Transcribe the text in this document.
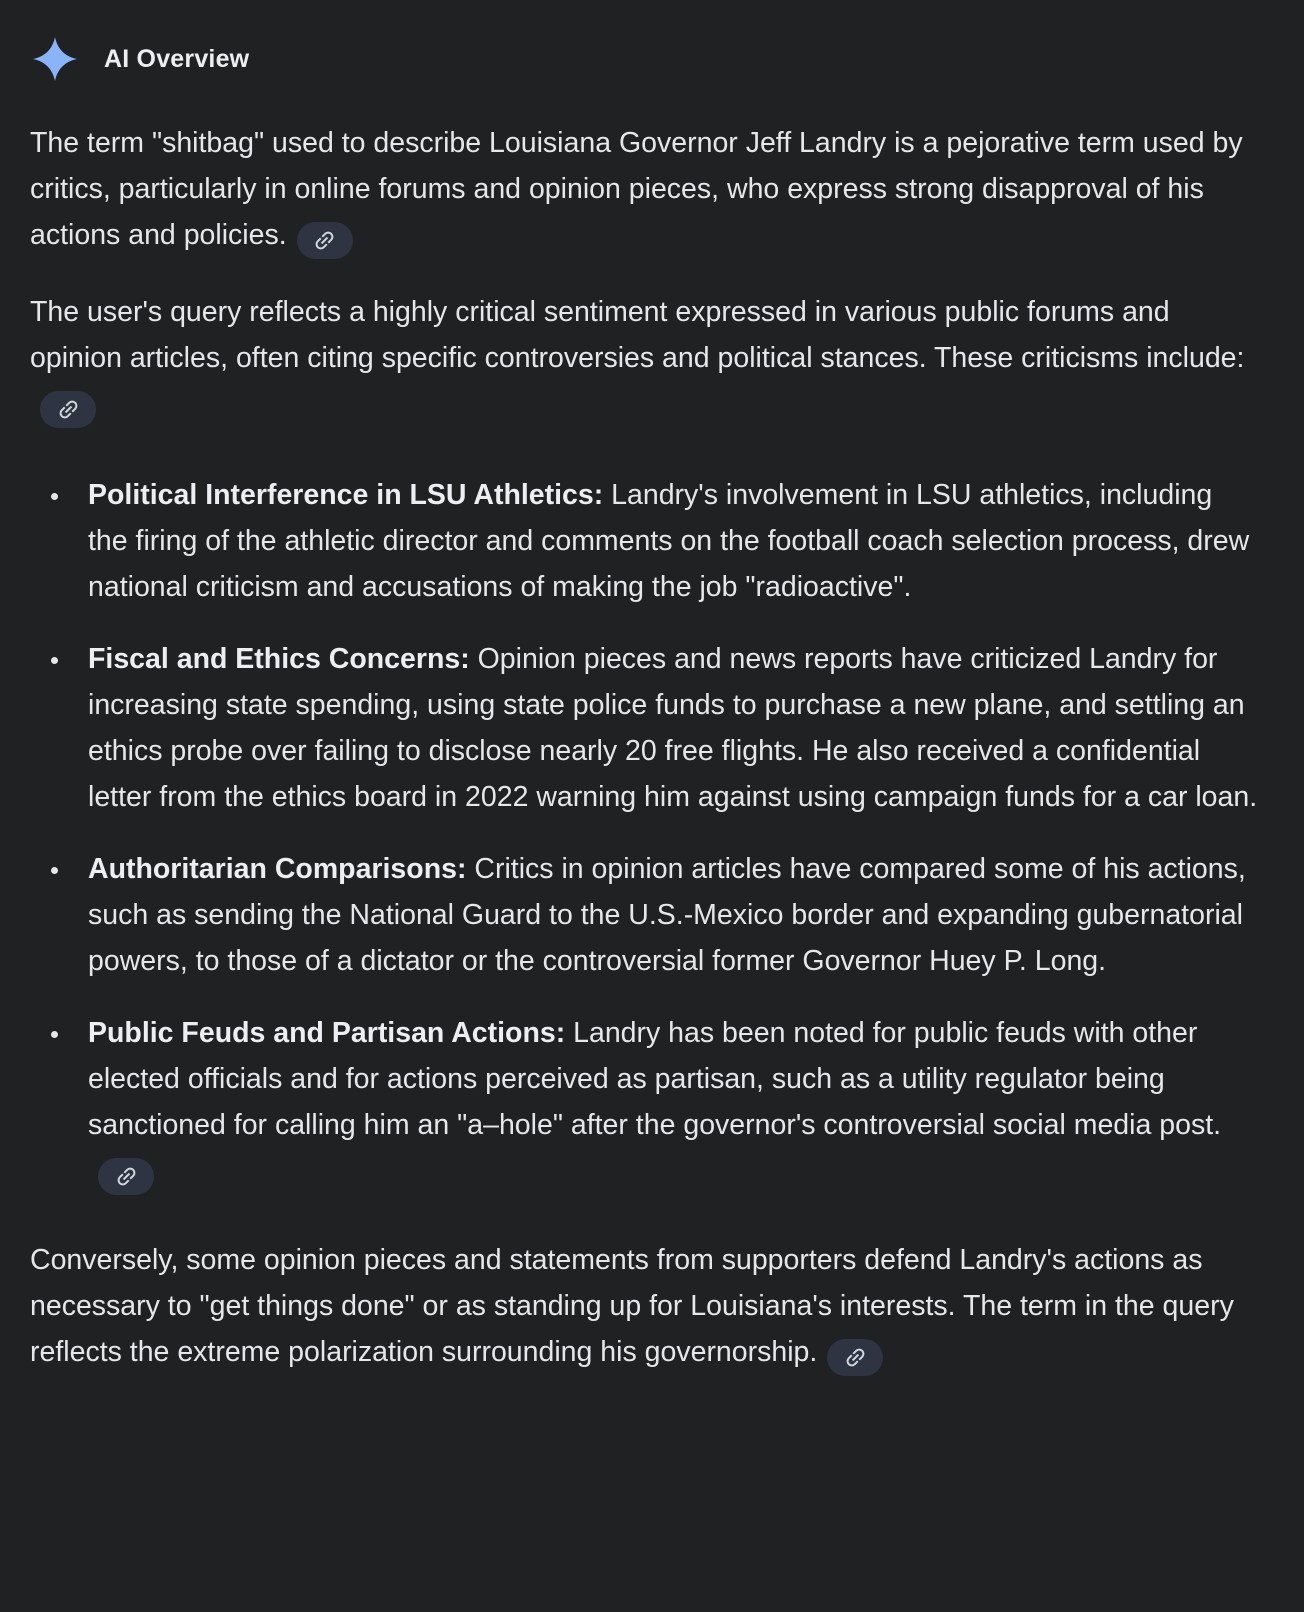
AI Overview

The term "shitbag" used to describe Louisiana Governor Jeff Landry is a pejorative term used by critics, particularly in online forums and opinion pieces, who express strong disapproval of his actions and policies.

The user's query reflects a highly critical sentiment expressed in various public forums and opinion articles, often citing specific controversies and political stances. These criticisms include:

• Political Interference in LSU Athletics: Landry's involvement in LSU athletics, including the firing of the athletic director and comments on the football coach selection process, drew national criticism and accusations of making the job "radioactive".
• Fiscal and Ethics Concerns: Opinion pieces and news reports have criticized Landry for increasing state spending, using state police funds to purchase a new plane, and settling an ethics probe over failing to disclose nearly 20 free flights. He also received a confidential letter from the ethics board in 2022 warning him against using campaign funds for a car loan.
• Authoritarian Comparisons: Critics in opinion articles have compared some of his actions, such as sending the National Guard to the U.S.-Mexico border and expanding gubernatorial powers, to those of a dictator or the controversial former Governor Huey P. Long.
• Public Feuds and Partisan Actions: Landry has been noted for public feuds with other elected officials and for actions perceived as partisan, such as a utility regulator being sanctioned for calling him an "a–hole" after the governor's controversial social media post.

Conversely, some opinion pieces and statements from supporters defend Landry's actions as necessary to "get things done" or as standing up for Louisiana's interests. The term in the query reflects the extreme polarization surrounding his governorship.
